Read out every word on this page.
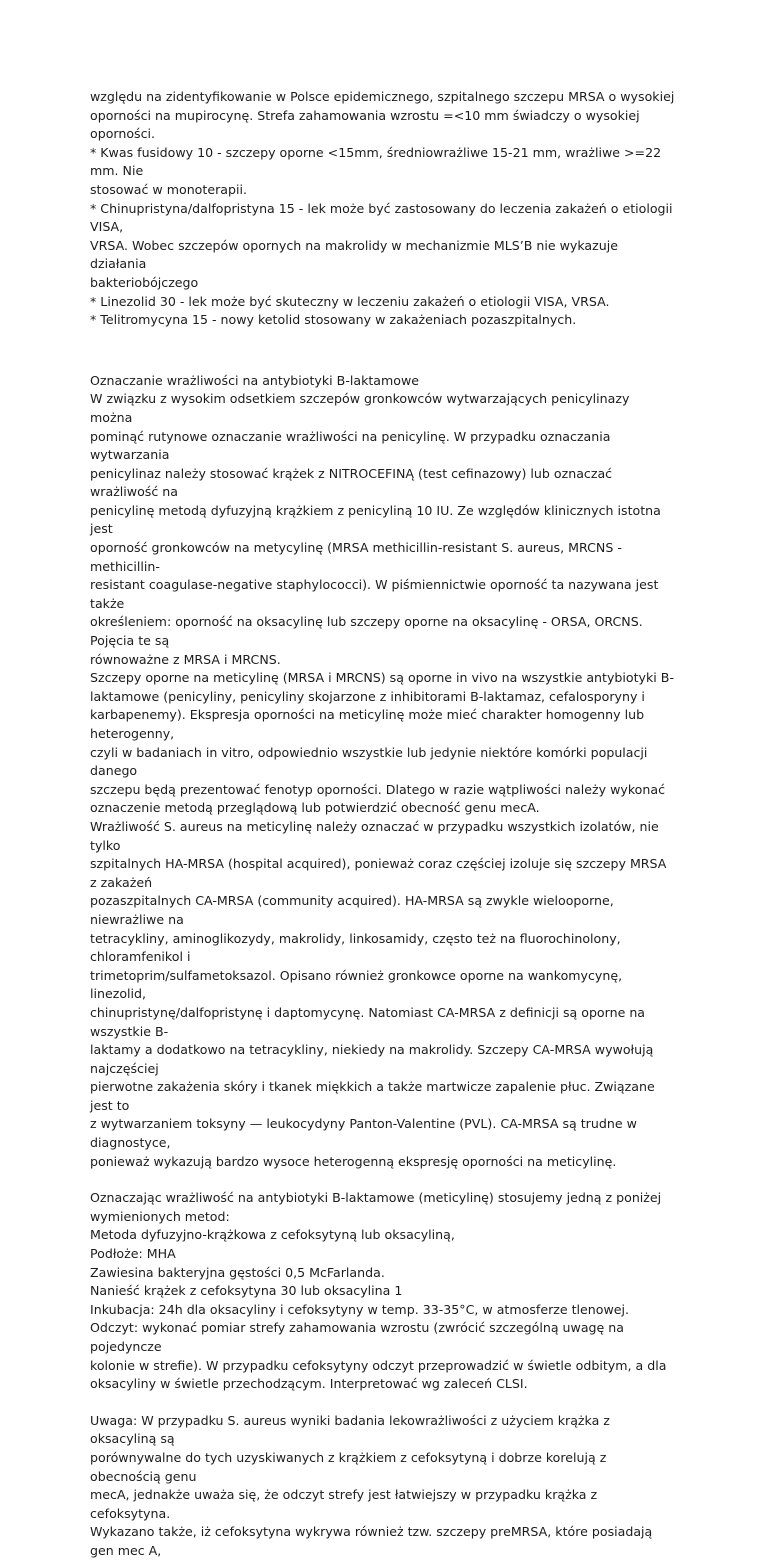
względu na zidentyfikowanie w Polsce epidemicznego, szpitalnego szczepu MRSA o wysokiej
oporności na mupirocynę. Strefa zahamowania wzrostu =<10 mm świadczy o wysokiej oporności.
* Kwas fusidowy 10 - szczepy oporne <15mm, średniowrażliwe 15-21 mm, wrażliwe >=22 mm. Nie
stosować w monoterapii.
* Chinupristyna/dalfopristyna 15 - lek może być zastosowany do leczenia zakażeń o etiologii VISA,
VRSA. Wobec szczepów opornych na makrolidy w mechanizmie MLS’B nie wykazuje działania
bakteriobójczego
* Linezolid 30 - lek może być skuteczny w leczeniu zakażeń o etiologii VISA, VRSA.
* Telitromycyna 15 - nowy ketolid stosowany w zakażeniach pozaszpitalnych.

Oznaczanie wrażliwości na antybiotyki B-laktamowe
W związku z wysokim odsetkiem szczepów gronkowców wytwarzających penicylinazy można
pominąć rutynowe oznaczanie wrażliwości na penicylinę. W przypadku oznaczania wytwarzania
penicylinaz należy stosować krążek z NITROCEFINĄ (test cefinazowy) lub oznaczać wrażliwość na
penicylinę metodą dyfuzyjną krążkiem z penicyliną 10 IU. Ze względów klinicznych istotna jest
oporność gronkowców na metycylinę (MRSA methicillin-resistant S. aureus, MRCNS - methicillin-
resistant coagulase-negative staphylococci). W piśmiennictwie oporność ta nazywana jest także
określeniem: oporność na oksacylinę lub szczepy oporne na oksacylinę - ORSA, ORCNS. Pojęcia te są
równoważne z MRSA i MRCNS.
Szczepy oporne na meticylinę (MRSA i MRCNS) są oporne in vivo na wszystkie antybiotyki B-
laktamowe (penicyliny, penicyliny skojarzone z inhibitorami B-laktamaz, cefalosporyny i
karbapenemy). Ekspresja oporności na meticylinę może mieć charakter homogenny lub heterogenny,
czyli w badaniach in vitro, odpowiednio wszystkie lub jedynie niektóre komórki populacji danego
szczepu będą prezentować fenotyp oporności. Dlatego w razie wątpliwości należy wykonać
oznaczenie metodą przeglądową lub potwierdzić obecność genu mecA.
Wrażliwość S. aureus na meticylinę należy oznaczać w przypadku wszystkich izolatów, nie tylko
szpitalnych HA-MRSA (hospital acquired), ponieważ coraz częściej izoluje się szczepy MRSA z zakażeń
pozaszpitalnych CA-MRSA (community acquired). HA-MRSA są zwykle wielooporne, niewrażliwe na
tetracykliny, aminoglikozydy, makrolidy, linkosamidy, często też na fluorochinolony, chloramfenikol i
trimetoprim/sulfametoksazol. Opisano również gronkowce oporne na wankomycynę, linezolid,
chinupristynę/dalfopristynę i daptomycynę. Natomiast CA-MRSA z definicji są oporne na wszystkie B-
laktamy a dodatkowo na tetracykliny, niekiedy na makrolidy. Szczepy CA-MRSA wywołują najczęściej
pierwotne zakażenia skóry i tkanek miękkich a także martwicze zapalenie płuc. Związane jest to
z wytwarzaniem toksyny — leukocydyny Panton-Valentine (PVL). CA-MRSA są trudne w diagnostyce,
ponieważ wykazują bardzo wysoce heterogenną ekspresję oporności na meticylinę.

Oznaczając wrażliwość na antybiotyki B-laktamowe (meticylinę) stosujemy jedną z poniżej
wymienionych metod:
Metoda dyfuzyjno-krążkowa z cefoksytyną lub oksacyliną,
Podłoże: MHA
Zawiesina bakteryjna gęstości 0,5 McFarlanda.
Nanieść krążek z cefoksytyna 30 lub oksacylina 1
Inkubacja: 24h dla oksacyliny i cefoksytyny w temp. 33-35°C, w atmosferze tlenowej.
Odczyt: wykonać pomiar strefy zahamowania wzrostu (zwrócić szczególną uwagę na pojedyncze
kolonie w strefie). W przypadku cefoksytyny odczyt przeprowadzić w świetle odbitym, a dla
oksacyliny w świetle przechodzącym. Interpretować wg zaleceń CLSI.

Uwaga: W przypadku S. aureus wyniki badania lekowrażliwości z użyciem krążka z oksacyliną są
porównywalne do tych uzyskiwanych z krążkiem z cefoksytyną i dobrze korelują z obecnością genu
mecA, jednakże uważa się, że odczyt strefy jest łatwiejszy w przypadku krążka z cefoksytyna.
Wykazano także, iż cefoksytyna wykrywa również tzw. szczepy preMRSA, które posiadają gen mec A,
